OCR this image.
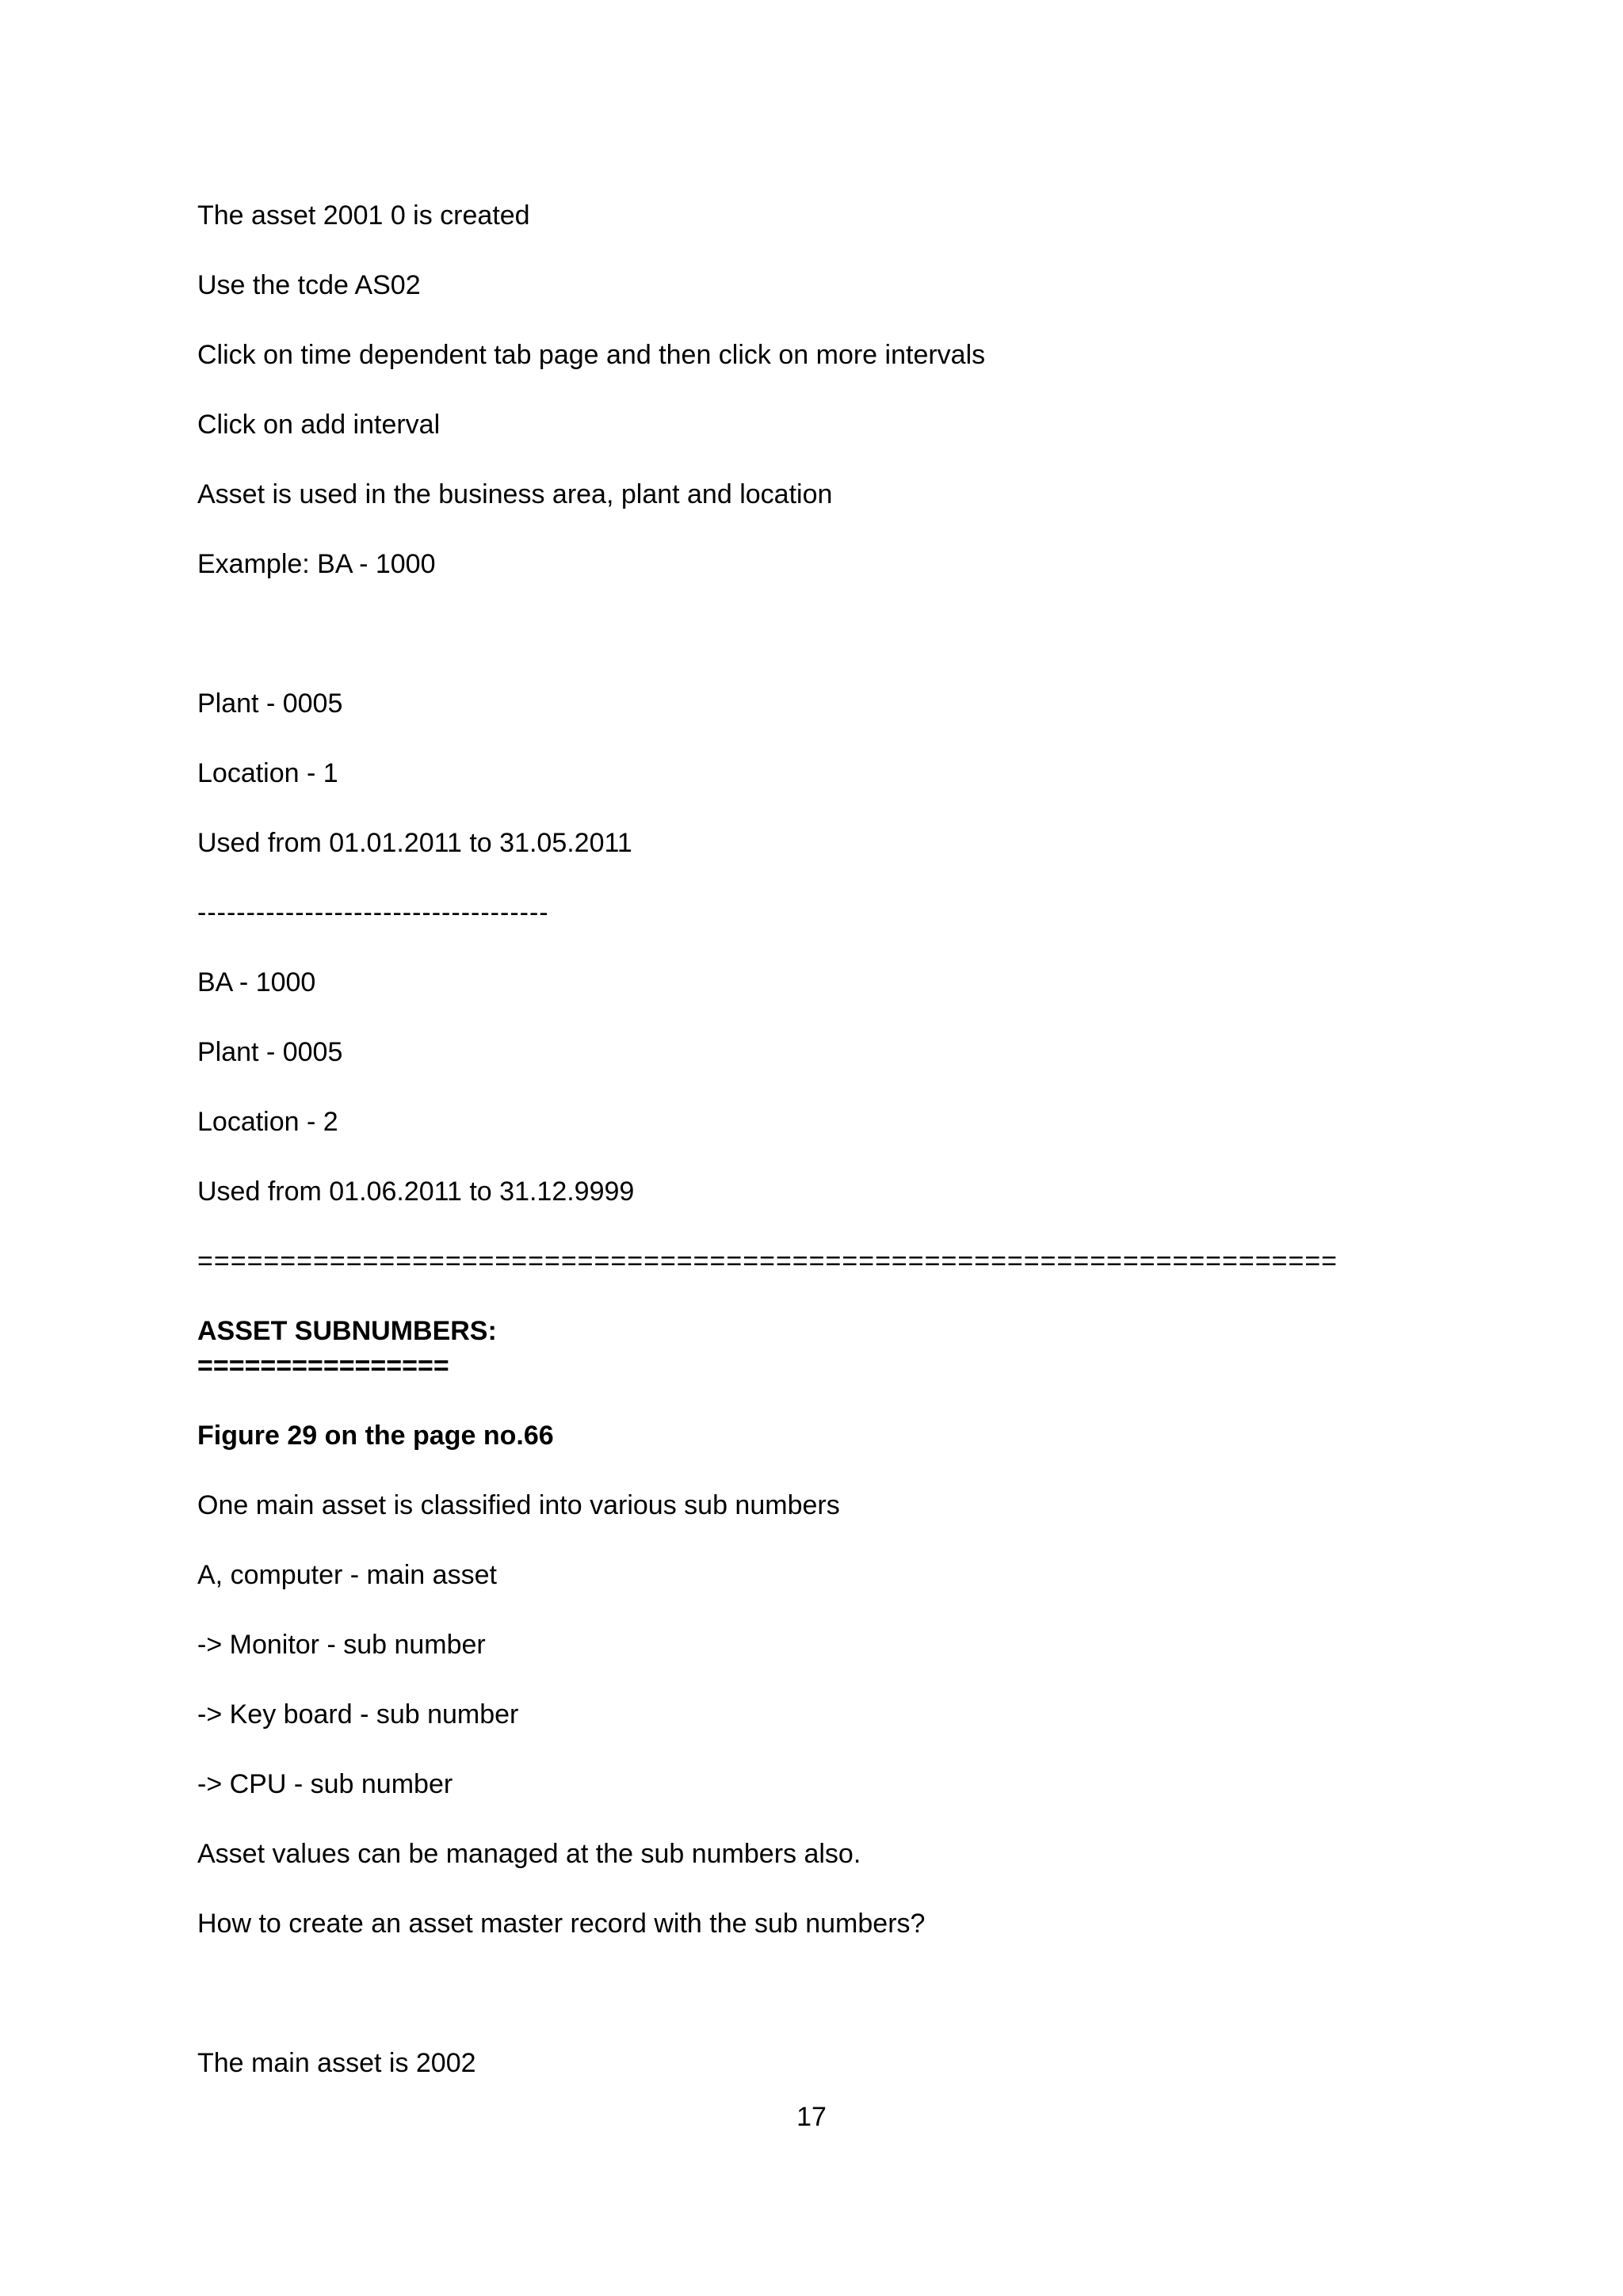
The asset 2001 0 is created
Use the tcde AS02
Click on time dependent tab page and then click on more intervals
Click on add interval
Asset is used in the business area, plant and location
Example: BA - 1000
Plant - 0005
Location - 1
Used from 01.01.2011 to 31.05.2011
------------------------------------
BA - 1000
Plant - 0005
Location - 2
Used from 01.06.2011 to 31.12.9999
=====================================================================
ASSET SUBNUMBERS:
================
Figure 29 on the page no.66
One main asset is classified into various sub numbers
A, computer - main asset
-> Monitor - sub number
-> Key board - sub number
-> CPU - sub number
Asset values can be managed at the sub numbers also.
How to create an asset master record with the sub numbers?
The main asset is 2002
17
